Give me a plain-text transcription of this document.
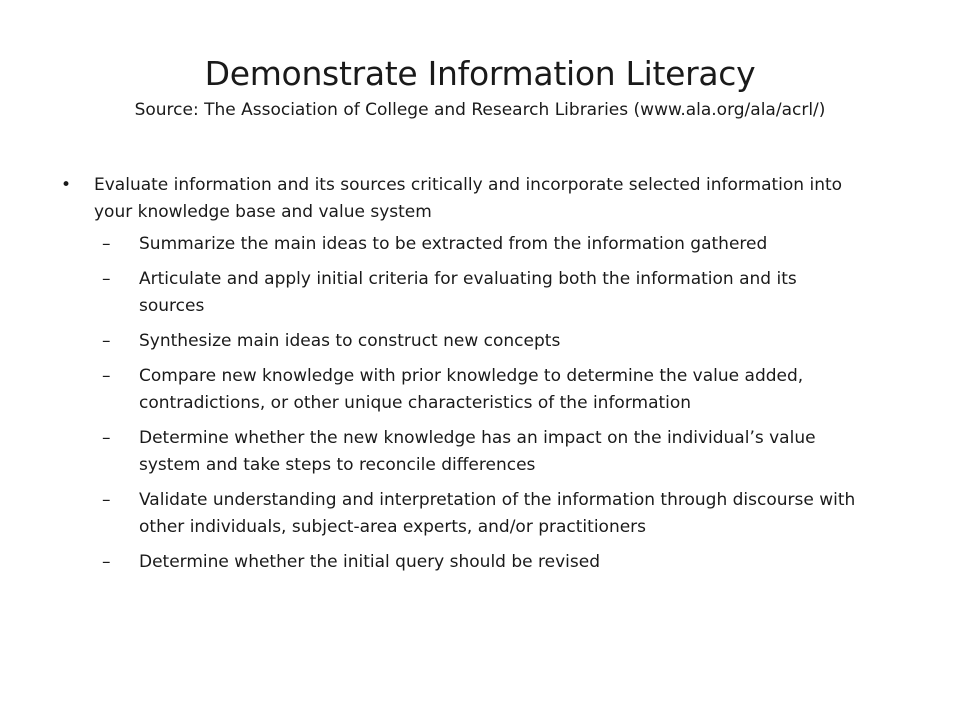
Demonstrate Information Literacy
Source: The Association of College and Research Libraries (www.ala.org/ala/acrl/)
• Evaluate information and its sources critically and incorporate selected information into your knowledge base and value system
– Summarize the main ideas to be extracted from the information gathered
– Articulate and apply initial criteria for evaluating both the information and its sources
– Synthesize main ideas to construct new concepts
– Compare new knowledge with prior knowledge to determine the value added, contradictions, or other unique characteristics of the information
– Determine whether the new knowledge has an impact on the individual’s value system and take steps to reconcile differences
– Validate understanding and interpretation of the information through discourse with other individuals, subject-area experts, and/or practitioners
– Determine whether the initial query should be revised
